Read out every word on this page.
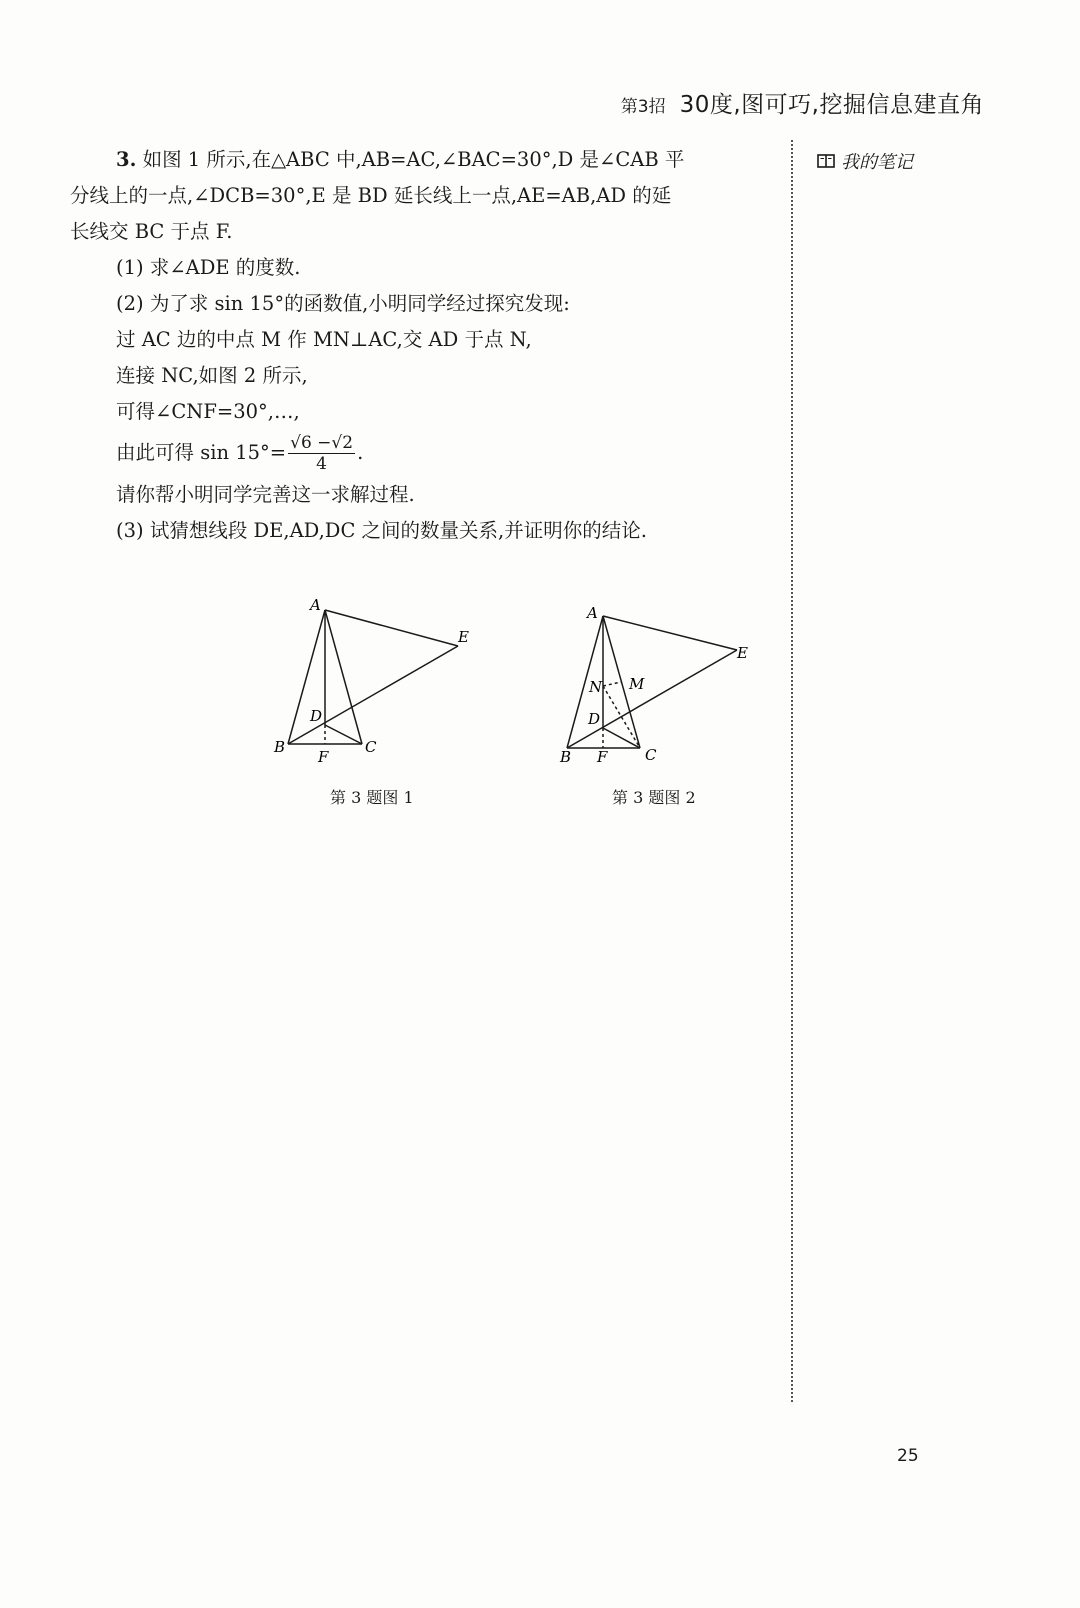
第3招 30度,图可巧,挖掘信息建直角
我的笔记

3. 如图 1 所示,在△ABC 中,AB=AC,∠BAC=30°,D 是∠CAB 平

分线上的一点,∠DCB=30°,E 是 BD 延长线上一点,AE=AB,AD 的延

长线交 BC 于点 F.

(1) 求∠ADE 的度数.

(2) 为了求 sin 15°的函数值,小明同学经过探究发现:

过 AC 边的中点 M 作 MN⊥AC,交 AD 于点 N,

连接 NC,如图 2 所示,

可得∠CNF=30°,…,

由此可得 $\sin 15^\circ= \frac{√6 -√2}{4}$ .

请你帮小明同学完善这一求解过程.

(3) 试猜想线段 DE,AD,DC 之间的数量关系,并证明你的结论.

A
E
D
B	C
F
第 3 题图 1
A
E
N M
D
B	C
F
第 3 题图 2
25
